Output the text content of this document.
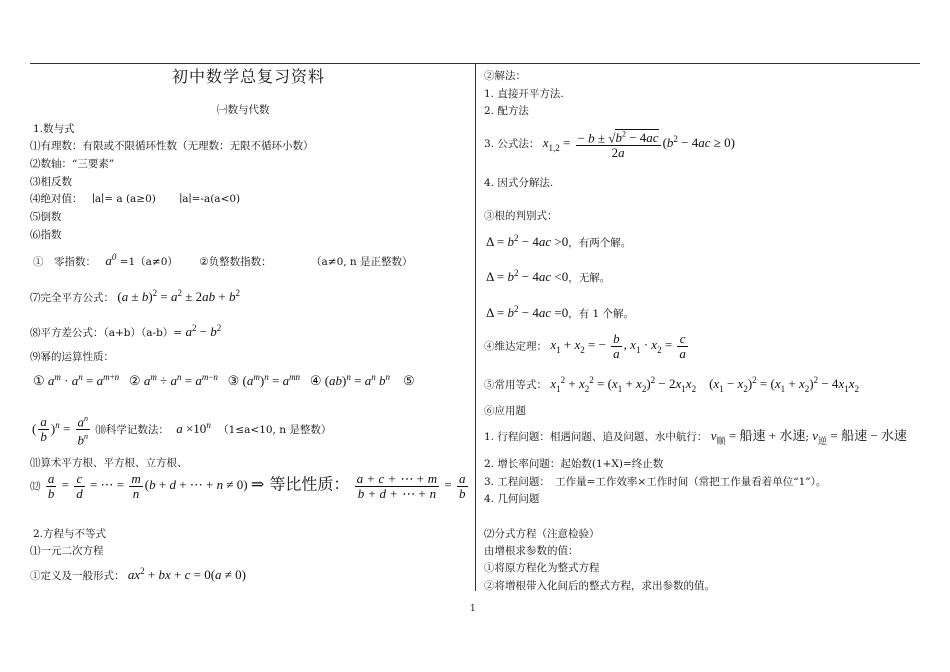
初中数学总复习资料
㈠数与代数
1.数与式
⑴有理数：有限或不限循环性数（无理数：无限不循环小数）
⑵数轴：“三要素”
⑶相反数
⑷绝对值： ∣a∣= a (a≥0) ∣a∣=-a(a<0)
⑸倒数
⑹指数
①　零指数： $a^0 =1(a\ne 0)$ ②负整数指数：	（a≠0, n 是正整数）
⑺完全平方公式： $(a \pm b)^2 = a^2 \pm 2ab + b^2$
⑻平方差公式：$(a+b)(a-b)= a^2 - b^2$
⑼幂的运算性质：
① $a^m \cdot a^n = a^{m+n}$   ② $a^m \div a^n = a^{m-n}$   ③ $(a^m)^n = a^{mn}$   ④ $(ab)^n = a^n$ $b^n$    ⑤
( $\frac{a}{b} )^n = \frac{a^n}{b^n}$ ⑽科学记数法： $a \times 10^n$ （1≤a<10, n 是整数）
⑾算术平方根、平方根、立方根、
⑿ $\frac{a}{b} = \frac{c}{d}$ = ⋯ = $\frac{m}{n} (b + d$ + ⋯ + n ≠ 0) ⇒ 等比性质： $\frac{a + c + \cdots + m}{b + d + \cdots + n} = \frac{a}{b}$
2.方程与不等式
⑴一元二次方程
①定义及一般形式： $ax^2$ + bx + c = 0(a ≠ 0)
②解法：
1. 直接开平方法.
2. 配方法
3. 公式法： $x_{1,2} = \frac{- b \pm √b^2 - 4ac}{2a} (b^2 - 4ac \ge 0)$
4. 因式分解法.
③根的判别式：
$\Delta = b^2 - 4ac >0$，有两个解。
$\Delta = b^2 - 4ac <0$，无解。
$\Delta = b^2 - 4ac =0$，有 1 个解。
④维达定理： $x_1 + x_2$ = − $\frac{b}{a}$ , $x_1 \cdot x_2 = \frac{c}{a}$
⑤常用等式： $x_1^2 + x_2^2 = (x_1 + x_2)^2 - 2x_1x_2$    $(x_1 - x_2)^2 = (x_1 + x_2)^2 - 4x_1x_2$
⑥应用题
1. 行程问题：相遇问题、追及问题、水中航行： v顺 = 船速 + 水速; v逆 = 船速 − 水速
2. 增长率问题：起始数(1+X)=终止数
3. 工程问题：　工作量=工作效率×工作时间（常把工作量看着单位“1”）。
4. 几何问题
⑵分式方程（注意检验）
由增根求参数的值：
①将原方程化为整式方程
②将增根带入化间后的整式方程，求出参数的值。
1
